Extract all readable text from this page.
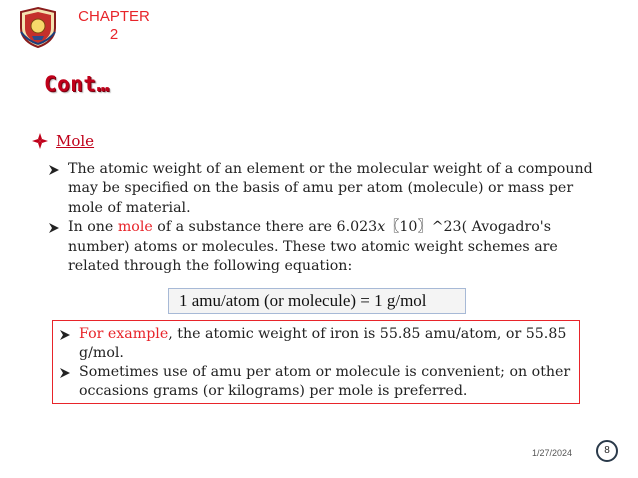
CHAPTER
2
Cont…
Mole
The atomic weight of an element or the molecular weight of a compound may be specified on the basis of amu per atom (molecule) or mass per mole of material.
In one mole of a substance there are 6.023x〖10〗^23( Avogadro's number) atoms or molecules. These two atomic weight schemes are related through the following equation:
1 amu/atom (or molecule) = 1 g/mol
For example, the atomic weight of iron is 55.85 amu/atom, or 55.85 g/mol.
Sometimes use of amu per atom or molecule is convenient; on other occasions grams (or kilograms) per mole is preferred.
1/27/2024	8
